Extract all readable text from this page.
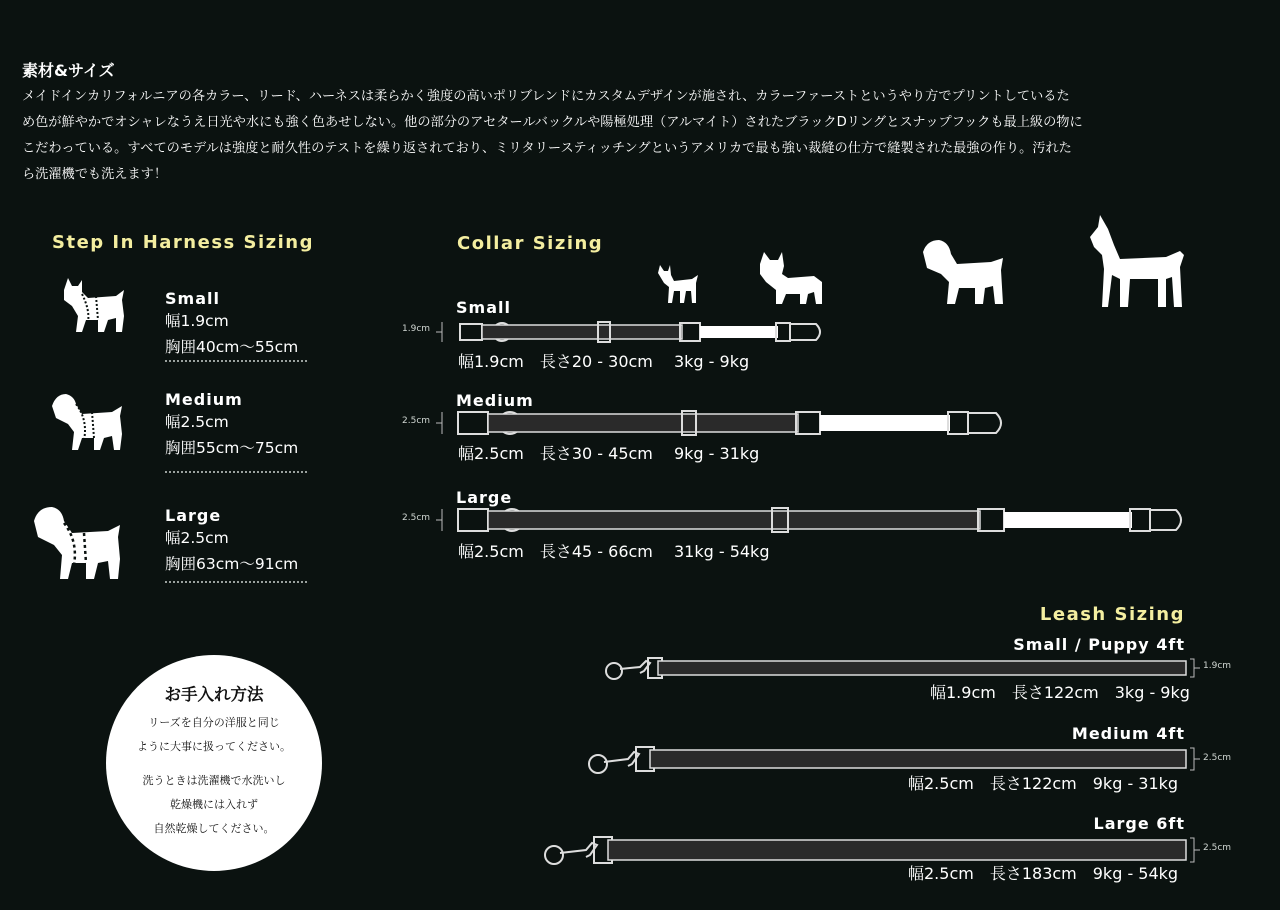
素材&サイズ
メイドインカリフォルニアの各カラー、リード、ハーネスは柔らかく強度の高いポリブレンドにカスタムデザインが施され、カラーファーストというやり方でプリントしているた
め色が鮮やかでオシャレなうえ日光や水にも強く色あせしない。他の部分のアセタールバックルや陽極処理（アルマイト）されたブラックDリングとスナップフックも最上級の物に
こだわっている。すべてのモデルは強度と耐久性のテストを繰り返されており、ミリタリースティッチングというアメリカで最も強い裁縫の仕方で縫製された最強の作り。汚れた
ら洗濯機でも洗えます！
Step In Harness Sizing
Small
幅1.9cm
胸囲40cm～55cm
Medium
幅2.5cm
胸囲55cm～75cm
Large
幅2.5cm
胸囲63cm～91cm
Collar Sizing
Small
1.9cm
幅1.9cm　長さ20 - 30cm　 3kg - 9kg
Medium
2.5cm
幅2.5cm　長さ30 - 45cm　 9kg - 31kg
Large
2.5cm
幅2.5cm　長さ45 - 66cm　 31kg - 54kg
お手入れ方法
リーズを自分の洋服と同じ
ように大事に扱ってください。
洗うときは洗濯機で水洗いし
乾燥機には入れず
自然乾燥してください。
Leash Sizing
Small / Puppy 4ft
1.9cm
幅1.9cm　長さ122cm　3kg - 9kg
Medium 4ft
2.5cm
幅2.5cm　長さ122cm　9kg - 31kg
Large 6ft
2.5cm
幅2.5cm　長さ183cm　9kg - 54kg
